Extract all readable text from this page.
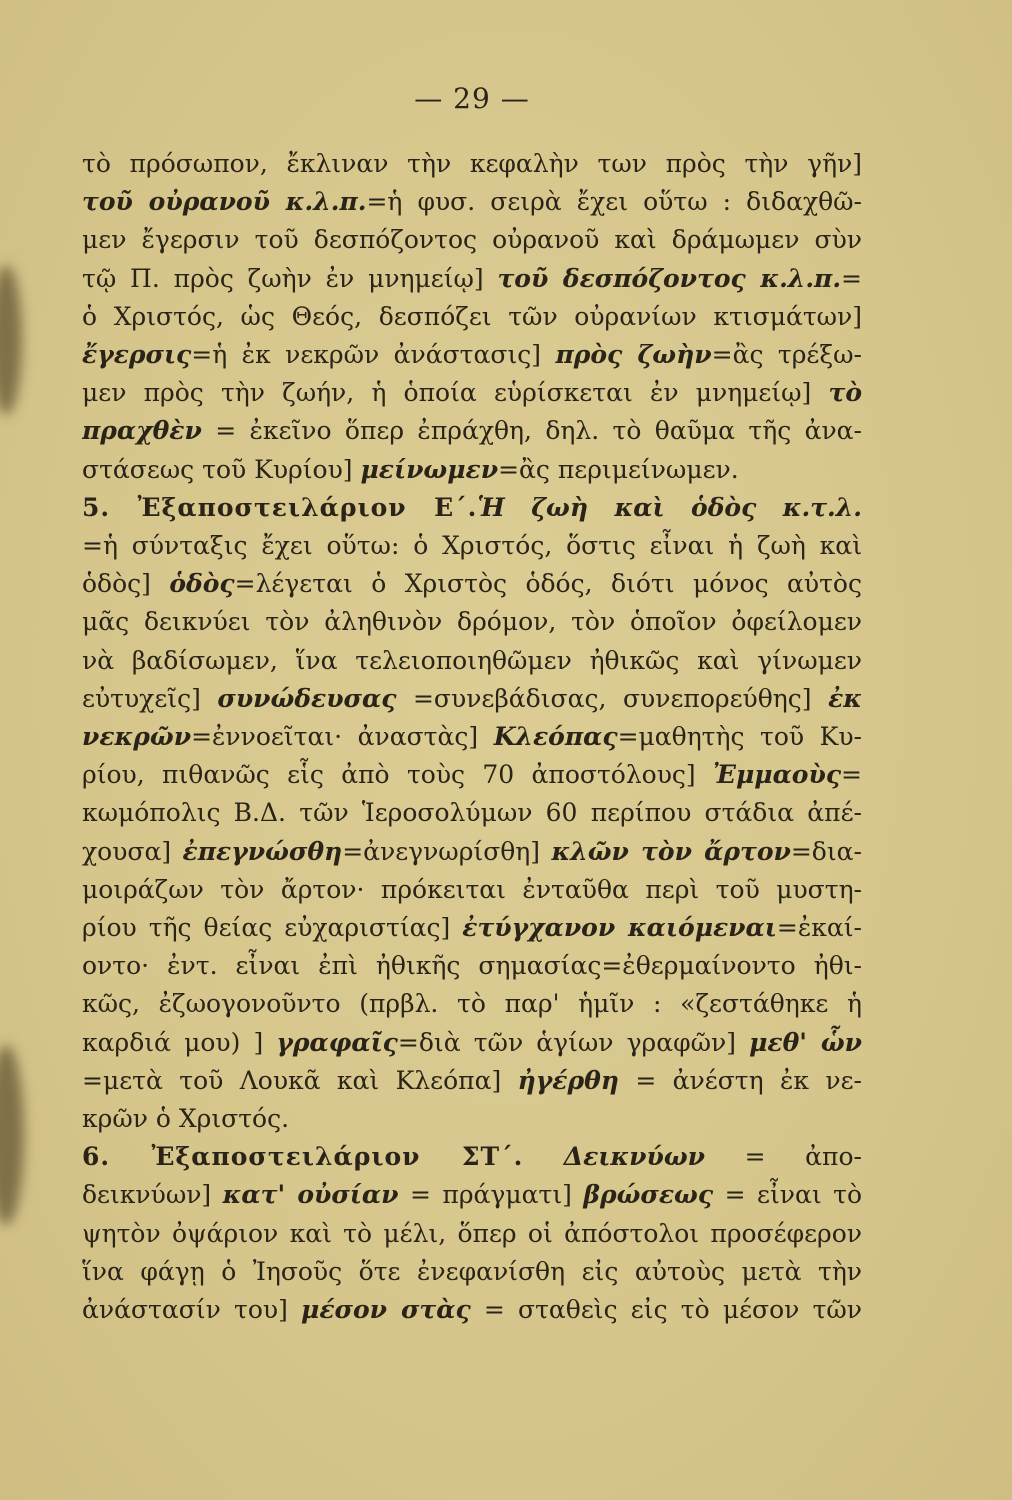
— 29 —
τὸ πρόσωπον, ἔκλιναν τὴν κεφαλὴν των πρὸς τὴν γῆν]
τοῦ οὐρανοῦ κ.λ.π.=ἡ φυσ. σειρὰ ἔχει οὕτω : διδαχθῶ-
μεν ἔγερσιν τοῦ δεσπόζοντος οὐρανοῦ καὶ δράμωμεν σὺν
τῷ Π. πρὸς ζωὴν ἐν μνημείῳ] τοῦ δεσπόζοντος κ.λ.π.=
ὁ Χριστός, ὡς Θεός, δεσπόζει τῶν οὐρανίων κτισμάτων]
ἔγερσις=ἡ ἐκ νεκρῶν ἀνάστασις] πρὸς ζωὴν=ἂς τρέξω-
μεν πρὸς τὴν ζωήν, ἡ ὁποία εὑρίσκεται ἐν μνημείῳ] τὸ
πραχθὲν = ἐκεῖνο ὅπερ ἐπράχθη, δηλ. τὸ θαῦμα τῆς ἀνα-
στάσεως τοῦ Κυρίου] μείνωμεν=ἂς περιμείνωμεν.
5. Ἐξαποστειλάριον Ε΄.Ἡ ζωὴ καὶ ὁδὸς κ.τ.λ.
=ἡ σύνταξις ἔχει οὕτω: ὁ Χριστός, ὅστις εἶναι ἡ ζωὴ καὶ
ὁδὸς] ὁδὸς=λέγεται ὁ Χριστὸς ὁδός, διότι μόνος αὐτὸς
μᾶς δεικνύει τὸν ἀληθινὸν δρόμον, τὸν ὁποῖον ὀφείλομεν
νὰ βαδίσωμεν, ἵνα τελειοποιηθῶμεν ἠθικῶς καὶ γίνωμεν
εὐτυχεῖς] συνώδευσας =συνεβάδισας, συνεπορεύθης] ἐκ
νεκρῶν=ἐννοεῖται· ἀναστὰς] Κλεόπας=μαθητὴς τοῦ Κυ-
ρίου, πιθανῶς εἷς ἀπὸ τοὺς 70 ἀποστόλους] Ἐμμαοὺς=
κωμόπολις Β.Δ. τῶν Ἱεροσολύμων 60 περίπου στάδια ἀπέ-
χουσα] ἐπεγνώσθη=ἀνεγνωρίσθη] κλῶν τὸν ἄρτον=δια-
μοιράζων τὸν ἄρτον· πρόκειται ἐνταῦθα περὶ τοῦ μυστη-
ρίου τῆς θείας εὐχαριστίας] ἐτύγχανον καιόμεναι=ἐκαί-
οντο· ἐντ. εἶναι ἐπὶ ἠθικῆς σημασίας=ἐθερμαίνοντο ἠθι-
κῶς, ἐζωογονοῦντο (πρβλ. τὸ παρ' ἡμῖν : «ζεστάθηκε ἡ
καρδιά μου) ] γραφαῖς=διὰ τῶν ἁγίων γραφῶν] μεθ' ὧν
=μετὰ τοῦ Λουκᾶ καὶ Κλεόπα] ἠγέρθη = ἀνέστη ἐκ νε-
κρῶν ὁ Χριστός.
6. Ἐξαποστειλάριον ΣΤ΄. Δεικνύων = ἀπο-
δεικνύων] κατ' οὐσίαν = πράγματι] βρώσεως = εἶναι τὸ
ψητὸν ὀψάριον καὶ τὸ μέλι, ὅπερ οἱ ἀπόστολοι προσέφερον
ἵνα φάγῃ ὁ Ἰησοῦς ὅτε ἐνεφανίσθη εἰς αὐτοὺς μετὰ τὴν
ἀνάστασίν του] μέσον στὰς = σταθεὶς εἰς τὸ μέσον τῶν
